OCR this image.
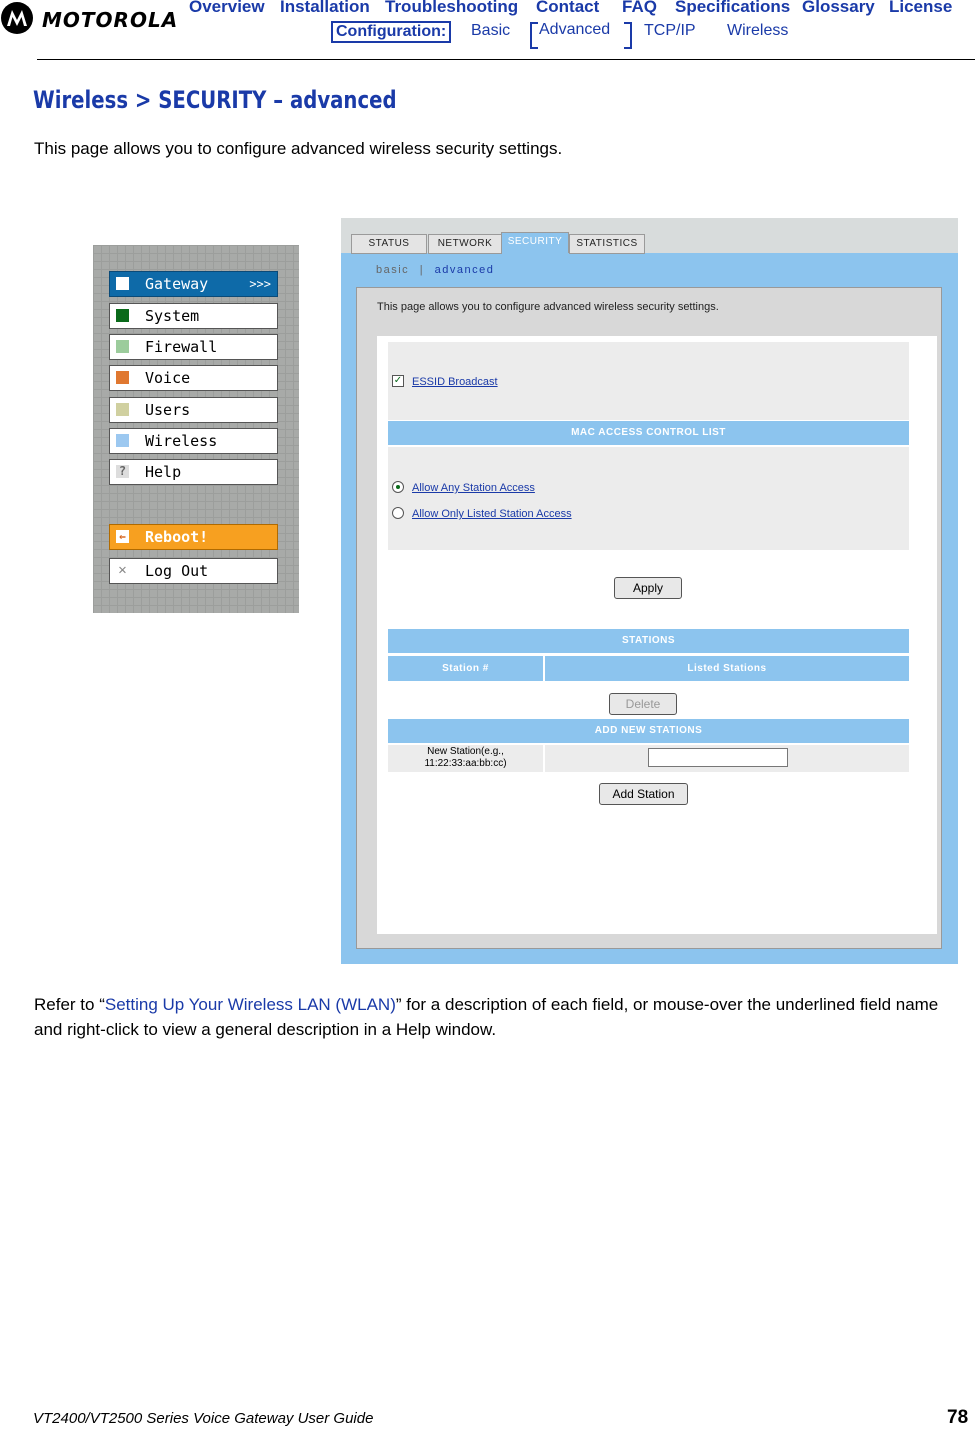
MOTOROLA
Overview Installation Troubleshooting Contact FAQ Specifications Glossary License
Configuration:	Basic	Advanced	TCP/IP Wireless
Wireless > SECURITY – advanced
This page allows you to configure advanced wireless security settings.
Gateway	>>>
System
Firewall
Voice
Users
Wireless
? Help
⇐ Reboot!
✕ Log Out
STATUS	NETWORK	SECURITY	STATISTICS
basic | advanced
This page allows you to configure advanced wireless security settings.
✓ ESSID Broadcast
MAC ACCESS CONTROL LIST
Allow Any Station Access
Allow Only Listed Station Access
Apply
STATIONS
Station #	Listed Stations
Delete
ADD NEW STATIONS
New Station(e.g., 11:22:33:aa:bb:cc)
Add Station
Refer to “Setting Up Your Wireless LAN (WLAN)” for a description of each field, or mouse-over the underlined field name and right-click to view a general description in a Help window.
VT2400/VT2500 Series Voice Gateway User Guide	78
